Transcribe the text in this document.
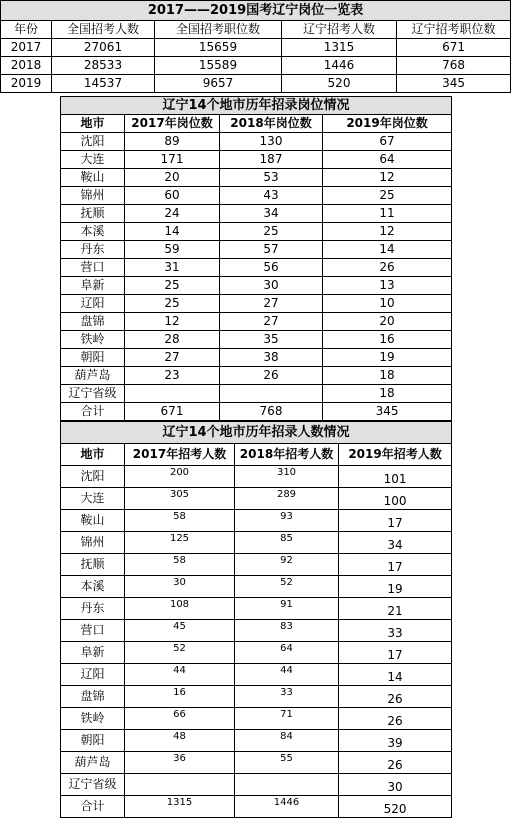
2017——2019国考辽宁岗位一览表				
年份	全国招考人数	全国招考职位数	辽宁招考人数	辽宁招考职位数
2017	27061	15659	1315	671
2018	28533	15589	1446	768
2019	14537	9657	520	345
辽宁14个地市历年招录岗位情况			
地市	2017年岗位数	2018年岗位数	2019年岗位数
沈阳	89	130	67
大连	171	187	64
鞍山	20	53	12
锦州	60	43	25
抚顺	24	34	11
本溪	14	25	12
丹东	59	57	14
营口	31	56	26
阜新	25	30	13
辽阳	25	27	10
盘锦	12	27	20
铁岭	28	35	16
朝阳	27	38	19
葫芦岛	23	26	18
辽宁省级			18
合计	671	768	345
辽宁14个地市历年招录人数情况			
地市	2017年招考人数	2018年招考人数	2019年招考人数
沈阳	200	310	101
大连	305	289	100
鞍山	58	93	17
锦州	125	85	34
抚顺	58	92	17
本溪	30	52	19
丹东	108	91	21
营口	45	83	33
阜新	52	64	17
辽阳	44	44	14
盘锦	16	33	26
铁岭	66	71	26
朝阳	48	84	39
葫芦岛	36	55	26
辽宁省级			30
合计	1315	1446	520
